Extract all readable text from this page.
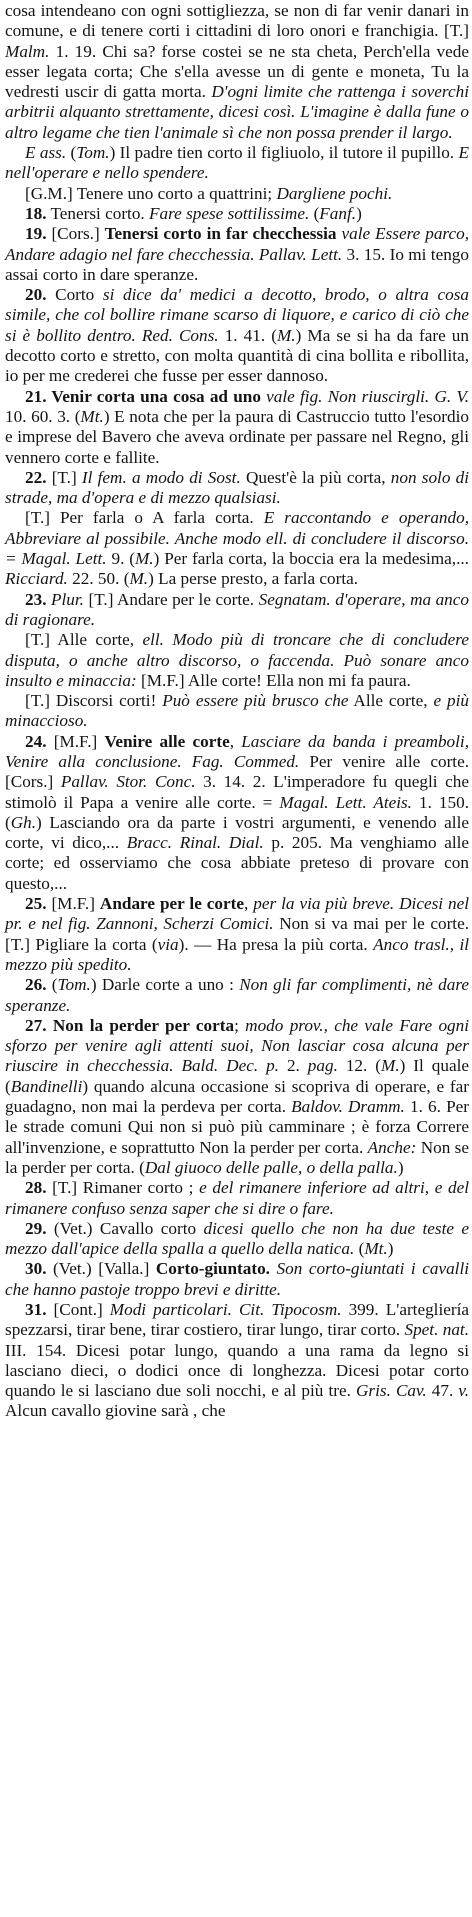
cosa intendeano con ogni sottigliezza, se non di far venir danari in comune, e di tenere corti i cittadini di loro onori e franchigia. [T.] Malm. 1. 19. Chi sa? forse costei se ne sta cheta, Perch'ella vede esser legata corta; Che s'ella avesse un di gente e moneta, Tu la vedresti uscir di gatta morta. D'ogni limite che rattenga i soverchi arbitrii alquanto strettamente, dicesi così. L'imagine è dalla fune o altro legame che tien l'animale sì che non possa prender il largo.

E ass. (Tom.) Il padre tien corto il figliuolo, il tutore il pupillo. E nell'operare e nello spendere.

[G.M.] Tenere uno corto a quattrini; Dargliene pochi.

18. Tenersi corto. Fare spese sottilissime. (Fanf.)

19. [Cors.] Tenersi corto in far checchessia vale Essere parco, Andare adagio nel fare checchessia. Pallav. Lett. 3. 15. Io mi tengo assai corto in dare speranze.

20. Corto si dice da' medici a decotto, brodo, o altra cosa simile, che col bollire rimane scarso di liquore, e carico di ciò che si è bollito dentro. Red. Cons. 1. 41. (M.) Ma se si ha da fare un decotto corto e stretto, con molta quantità di cina bollita e ribollita, io per me crederei che fusse per esser dannoso.

21. Venir corta una cosa ad uno vale fig. Non riuscirgli. G. V. 10. 60. 3. (Mt.) E nota che per la paura di Castruccio tutto l'esordio e imprese del Bavero che aveva ordinate per passare nel Regno, gli vennero corte e fallite.

22. [T.] Il fem. a modo di Sost. Quest'è la più corta, non solo di strade, ma d'opera e di mezzo qualsiasi.

[T.] Per farla o A farla corta. E raccontando e operando, Abbreviare al possibile. Anche modo ell. di concludere il discorso. = Magal. Lett. 9. (M.) Per farla corta, la boccia era la medesima,... Ricciard. 22. 50. (M.) La perse presto, a farla corta.

23. Plur. [T.] Andare per le corte. Segnatam. d'operare, ma anco di ragionare.

[T.] Alle corte, ell. Modo più di troncare che di concludere disputa, o anche altro discorso, o faccenda. Può sonare anco insulto e minaccia: [M.F.] Alle corte! Ella non mi fa paura.

[T.] Discorsi corti! Può essere più brusco che Alle corte, e più minaccioso.

24. [M.F.] Venire alle corte, Lasciare da banda i preamboli, Venire alla conclusione. Fag. Commed. Per venire alle corte. [Cors.] Pallav. Stor. Conc. 3. 14. 2. L'imperadore fu quegli che stimolò il Papa a venire alle corte. = Magal. Lett. Ateis. 1. 150. (Gh.) Lasciando ora da parte i vostri argumenti, e venendo alle corte, vi dico,... Bracc. Rinal. Dial. p. 205. Ma venghiamo alle corte; ed osserviamo che cosa abbiate preteso di provare con questo,...

25. [M.F.] Andare per le corte, per la via più breve. Dicesi nel pr. e nel fig. Zannoni, Scherzi Comici. Non si va mai per le corte. [T.] Pigliare la corta (via). — Ha presa la più corta. Anco trasl., il mezzo più spedito.

26. (Tom.) Darle corte a uno : Non gli far complimenti, nè dare speranze.

27. Non la perder per corta; modo prov., che vale Fare ogni sforzo per venire agli attenti suoi, Non lasciar cosa alcuna per riuscire in checchessia. Bald. Dec. p. 2. pag. 12. (M.) Il quale (Bandinelli) quando alcuna occasione si scopriva di operare, e far guadagno, non mai la perdeva per corta. Baldov. Dramm. 1. 6. Per le strade comuni Qui non si può più camminare ; è forza Correre all'invenzione, e soprattutto Non la perder per corta. Anche: Non se la perder per corta. (Dal giuoco delle palle, o della palla.)

28. [T.] Rimaner corto ; e del rimanere inferiore ad altri, e del rimanere confuso senza saper che si dire o fare.

29. (Vet.) Cavallo corto dicesi quello che non ha due teste e mezzo dall'apice della spalla a quello della natica. (Mt.)

30. (Vet.) [Valla.] Corto-giuntato. Son corto-giuntati i cavalli che hanno pastoje troppo brevi e diritte.

31. [Cont.] Modi particolari. Cit. Tipocosm. 399. L'artegliería spezzarsi, tirar bene, tirar costiero, tirar lungo, tirar corto. Spet. nat. III. 154. Dicesi potar lungo, quando a una rama da legno si lasciano dieci, o dodici once di longhezza. Dicesi potar corto quando le si lasciano due soli nocchi, e al più tre. Gris. Cav. 47. v. Alcun cavallo giovine sarà , che
